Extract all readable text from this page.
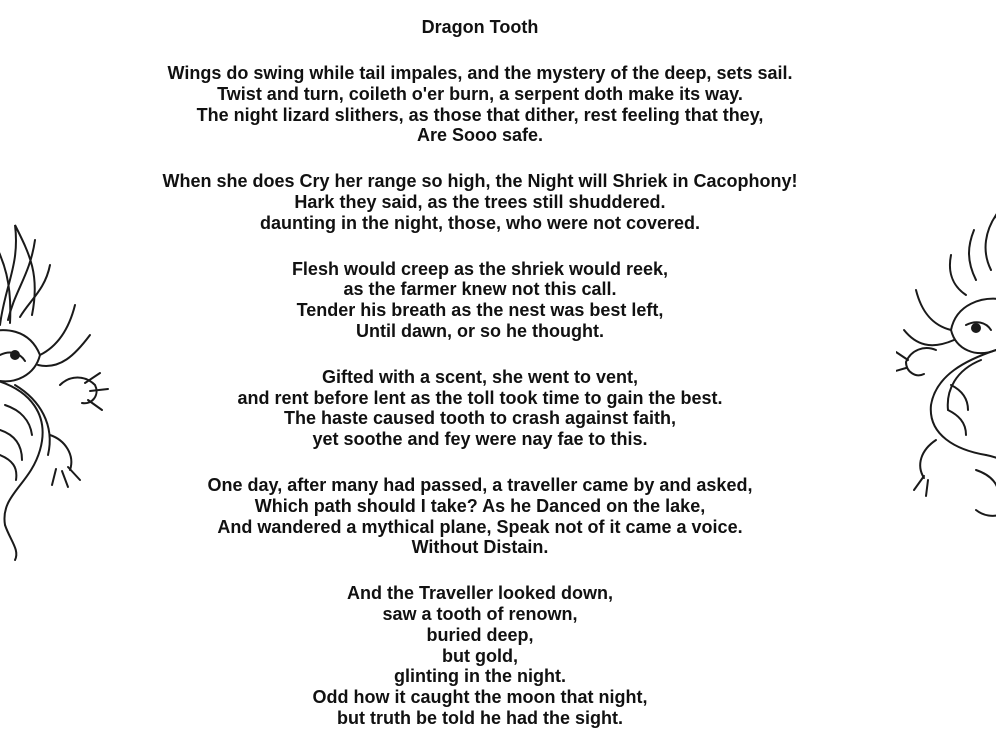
Dragon Tooth
Wings do swing while tail impales, and the mystery of the deep, sets sail.
Twist and turn, coileth o'er burn, a serpent doth make its way.
The night lizard slithers, as those that dither, rest feeling that they,
Are Sooo safe.
When she does Cry her range so high, the Night will Shriek in Cacophony!
Hark they said, as the trees still shuddered.
daunting in the night, those, who were not covered.
Flesh would creep as the shriek would reek,
as the farmer knew not this call.
Tender his breath as the nest was best left,
Until dawn, or so he thought.
Gifted with a scent, she went to vent,
and rent before lent as the toll took time to gain the best.
The haste caused tooth to crash against faith,
yet soothe and fey were nay fae to this.
One day, after many had passed, a traveller came by and asked,
Which path should I take? As he Danced on the lake,
And wandered a mythical plane, Speak not of it came a voice.
Without Distain.
And the Traveller looked down,
saw a tooth of renown,
buried deep,
but gold,
glinting in the night.
Odd how it caught the moon that night,
but truth be told he had the sight.
